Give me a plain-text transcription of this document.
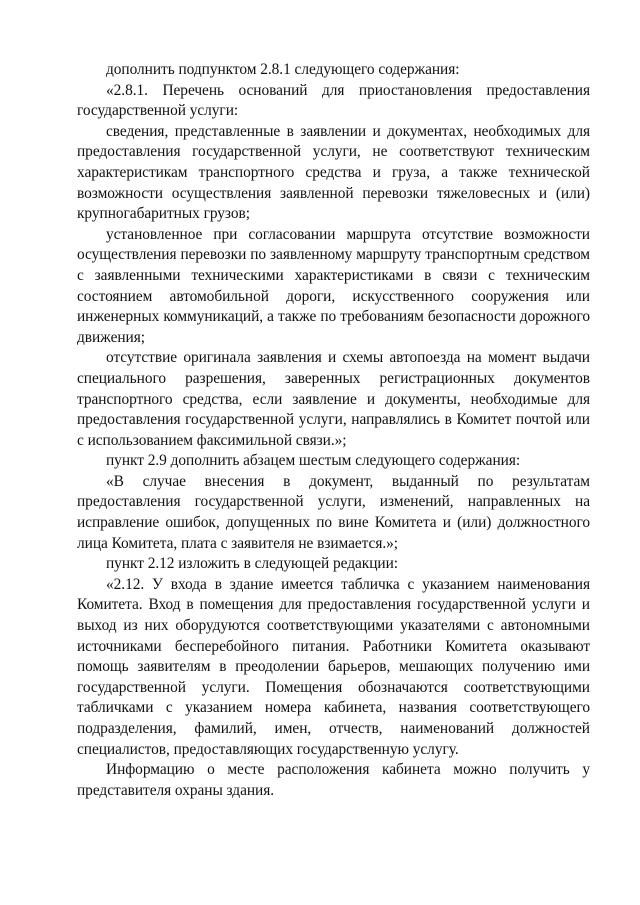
дополнить подпунктом 2.8.1 следующего содержания:

«2.8.1. Перечень оснований для приостановления предоставления государственной услуги:

сведения, представленные в заявлении и документах, необходимых для предоставления государственной услуги, не соответствуют техническим характеристикам транспортного средства и груза, а также технической возможности осуществления заявленной перевозки тяжеловесных и (или) крупногабаритных грузов;

установленное при согласовании маршрута отсутствие возможности осуществления перевозки по заявленному маршруту транспортным средством с заявленными техническими характеристиками в связи с техническим состоянием автомобильной дороги, искусственного сооружения или инженерных коммуникаций, а также по требованиям безопасности дорожного движения;

отсутствие оригинала заявления и схемы автопоезда на момент выдачи специального разрешения, заверенных регистрационных документов транспортного средства, если заявление и документы, необходимые для предоставления государственной услуги, направлялись в Комитет почтой или с использованием факсимильной связи.»;

пункт 2.9 дополнить абзацем шестым следующего содержания:

«В случае внесения в документ, выданный по результатам предоставления государственной услуги, изменений, направленных на исправление ошибок, допущенных по вине Комитета и (или) должностного лица Комитета, плата с заявителя не взимается.»;

пункт 2.12 изложить в следующей редакции:

«2.12. У входа в здание имеется табличка с указанием наименования Комитета. Вход в помещения для предоставления государственной услуги и выход из них оборудуются соответствующими указателями с автономными источниками бесперебойного питания. Работники Комитета оказывают помощь заявителям в преодолении барьеров, мешающих получению ими государственной услуги. Помещения обозначаются соответствующими табличками с указанием номера кабинета, названия соответствующего подразделения, фамилий, имен, отчеств, наименований должностей специалистов, предоставляющих государственную услугу.

Информацию о месте расположения кабинета можно получить у представителя охраны здания.
